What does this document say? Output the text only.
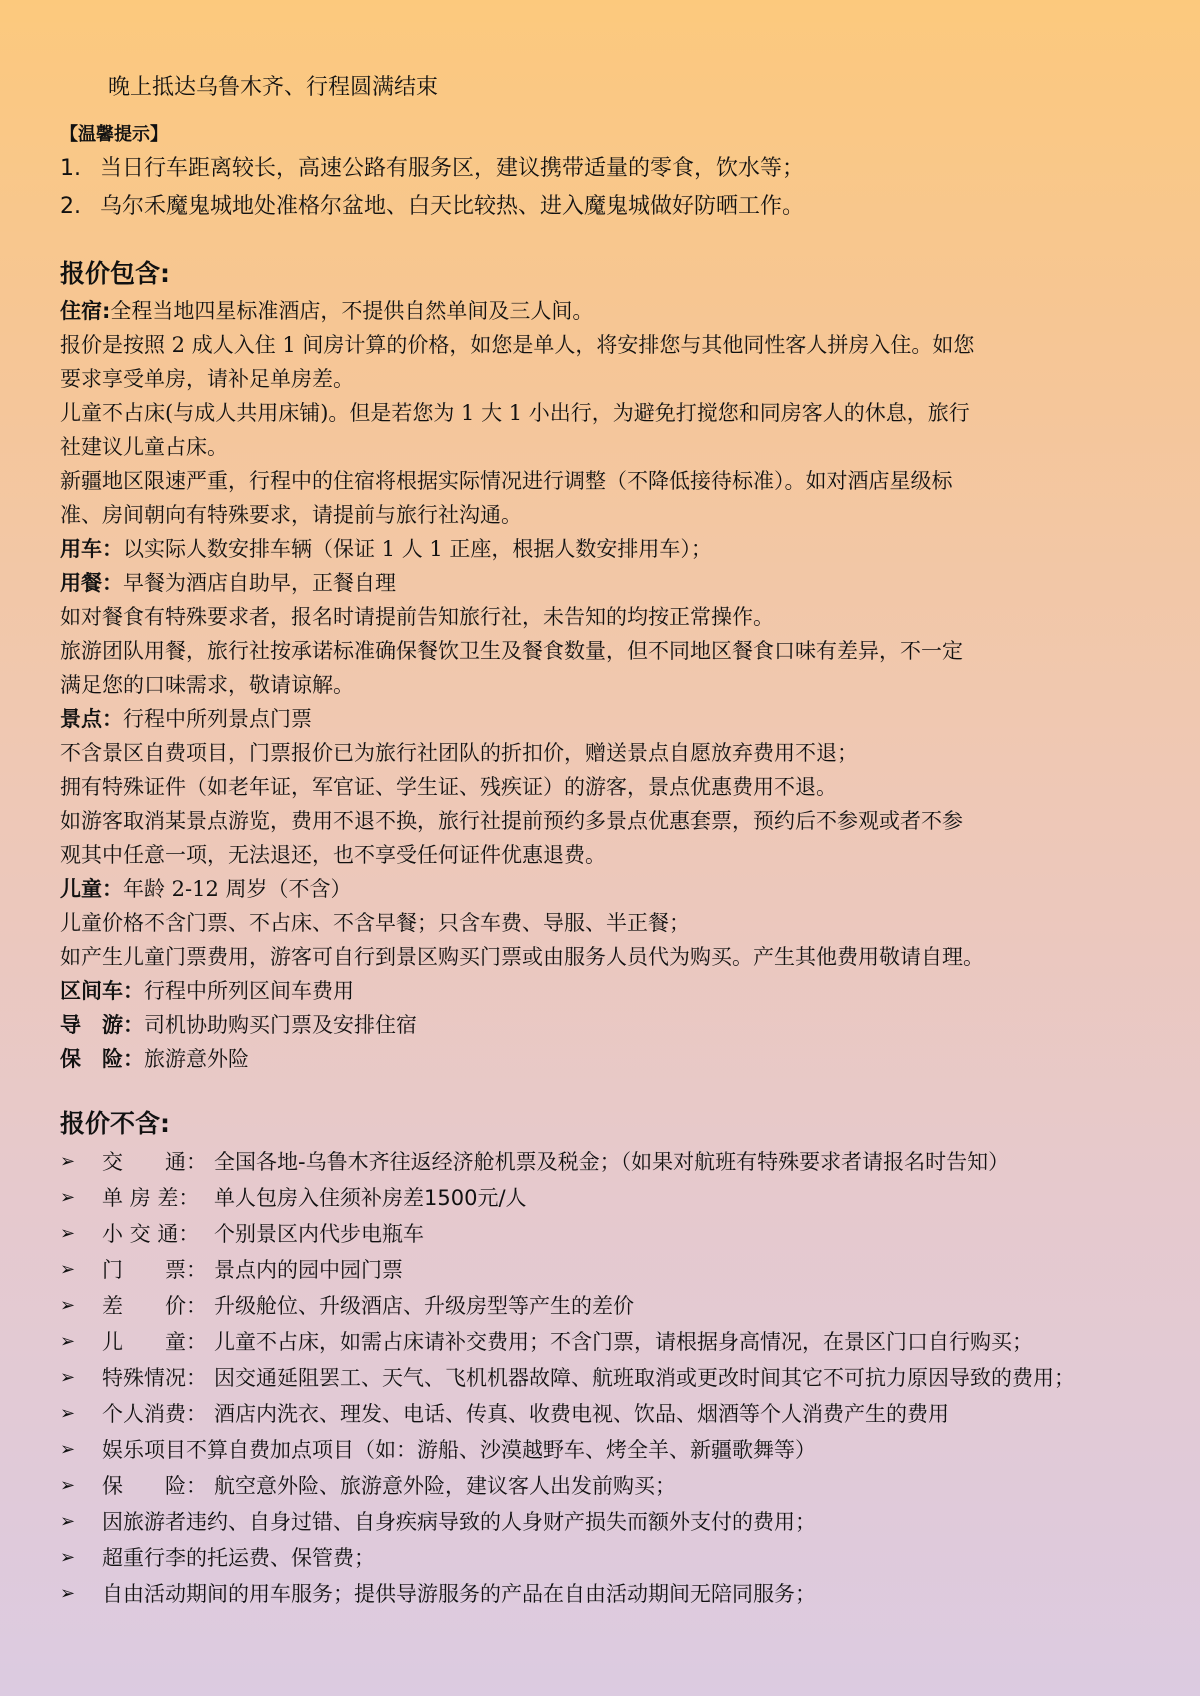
晚上抵达乌鲁木齐、行程圆满结束
【温馨提示】
1. 当日行车距离较长，高速公路有服务区，建议携带适量的零食，饮水等；
2. 乌尔禾魔鬼城地处准格尔盆地、白天比较热、进入魔鬼城做好防晒工作。
报价包含:
住宿:全程当地四星标准酒店，不提供自然单间及三人间。
报价是按照 2 成人入住 1 间房计算的价格，如您是单人，将安排您与其他同性客人拼房入住。如您
要求享受单房，请补足单房差。
儿童不占床(与成人共用床铺)。但是若您为 1 大 1 小出行，为避免打搅您和同房客人的休息，旅行
社建议儿童占床。
新疆地区限速严重，行程中的住宿将根据实际情况进行调整（不降低接待标准）。如对酒店星级标
准、房间朝向有特殊要求，请提前与旅行社沟通。
用车：以实际人数安排车辆（保证 1 人 1 正座，根据人数安排用车）；
用餐：早餐为酒店自助早，正餐自理
如对餐食有特殊要求者，报名时请提前告知旅行社，未告知的均按正常操作。
旅游团队用餐，旅行社按承诺标准确保餐饮卫生及餐食数量，但不同地区餐食口味有差异，不一定
满足您的口味需求，敬请谅解。
景点：行程中所列景点门票
不含景区自费项目，门票报价已为旅行社团队的折扣价，赠送景点自愿放弃费用不退；
拥有特殊证件（如老年证，军官证、学生证、残疾证）的游客，景点优惠费用不退。
如游客取消某景点游览，费用不退不换，旅行社提前预约多景点优惠套票，预约后不参观或者不参
观其中任意一项，无法退还，也不享受任何证件优惠退费。
儿童：年龄 2-12 周岁（不含）
儿童价格不含门票、不占床、不含早餐；只含车费、导服、半正餐；
如产生儿童门票费用，游客可自行到景区购买门票或由服务人员代为购买。产生其他费用敬请自理。
区间车：行程中所列区间车费用
导　游：司机协助购买门票及安排住宿
保　险：旅游意外险
报价不含:
➢	交　　通： 全国各地-乌鲁木齐往返经济舱机票及税金；（如果对航班有特殊要求者请报名时告知）
➢	单 房 差： 单人包房入住须补房差1500元/人
➢	小 交 通： 个别景区内代步电瓶车
➢	门　　票： 景点内的园中园门票
➢	差　　价： 升级舱位、升级酒店、升级房型等产生的差价
➢	儿　　童： 儿童不占床，如需占床请补交费用；不含门票，请根据身高情况，在景区门口自行购买；
➢	特殊情况： 因交通延阻罢工、天气、飞机机器故障、航班取消或更改时间其它不可抗力原因导致的费用；
➢	个人消费： 酒店内洗衣、理发、电话、传真、收费电视、饮品、烟酒等个人消费产生的费用
➢	娱乐项目不算自费加点项目（如：游船、沙漠越野车、烤全羊、新疆歌舞等）
➢	保　　险： 航空意外险、旅游意外险，建议客人出发前购买；
➢	因旅游者违约、自身过错、自身疾病导致的人身财产损失而额外支付的费用；
➢	超重行李的托运费、保管费；
➢	自由活动期间的用车服务；提供导游服务的产品在自由活动期间无陪同服务；
